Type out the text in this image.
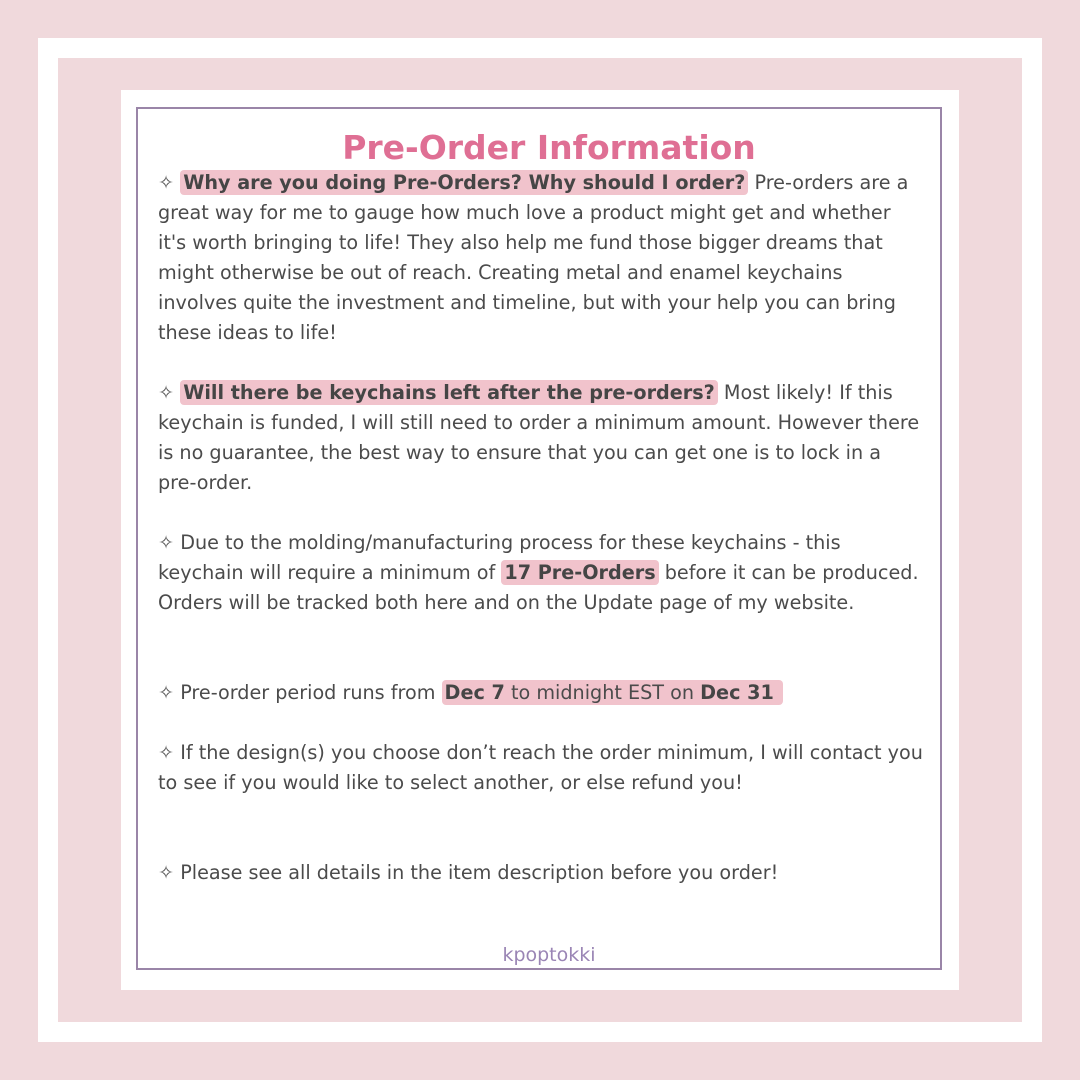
Pre-Order Information

✧ Why are you doing Pre-Orders? Why should I order? Pre-orders are a great way for me to gauge how much love a product might get and whether it's worth bringing to life! They also help me fund those bigger dreams that might otherwise be out of reach. Creating metal and enamel keychains involves quite the investment and timeline, but with your help you can bring these ideas to life!

✧ Will there be keychains left after the pre-orders? Most likely! If this keychain is funded, I will still need to order a minimum amount. However there is no guarantee, the best way to ensure that you can get one is to lock in a pre-order.

✧ Due to the molding/manufacturing process for these keychains - this keychain will require a minimum of 17 Pre-Orders before it can be produced. Orders will be tracked both here and on the Update page of my website.

✧ Pre-order period runs from Dec 7 to midnight EST on Dec 31

✧ If the design(s) you choose don’t reach the order minimum, I will contact you to see if you would like to select another, or else refund you!

✧ Please see all details in the item description before you order!

kpoptokki
